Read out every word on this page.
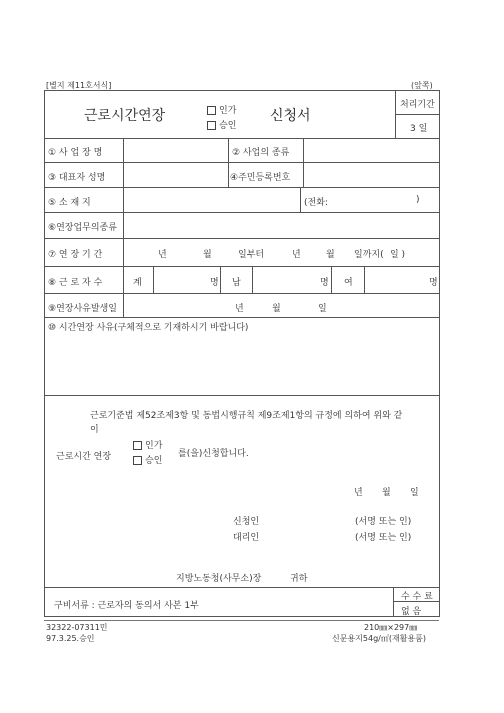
[별지 제11호서식]	(앞쪽)
근로시간연장	인가
승인
신청서
처리기간
3 일
① 사 업 장 명	② 사업의 종류
③ 대표자 성명	④주민등록번호
⑤ 소 재 지	(전화:	)
⑥연장업무의종류
⑦ 연 장 기 간	년	월	일부터	년	월 일까지( 일 )
⑧ 근 로 자 수	계	명 남	명 여	명
⑨연장사유발생일	년	월	일
⑩ 시간연장 사유(구체적으로 기재하시기 바랍니다)
근로기준법 제52조제3항 및 동법시행규칙 제9조제1항의 규정에 의하여 위와 같
이
근로시간 연장
인가
승인
를(을)신청합니다.
년 월 일
신청인	(서명 또는 인)
대리인	(서명 또는 인)
지방노동청(사무소)장	귀하
구비서류 : 근로자의 동의서 사본 1부
수 수 료
없 음
32322-07311민
97.3.25.승인
210㎜×297㎜
신문용지54g/㎡(재활용품)
